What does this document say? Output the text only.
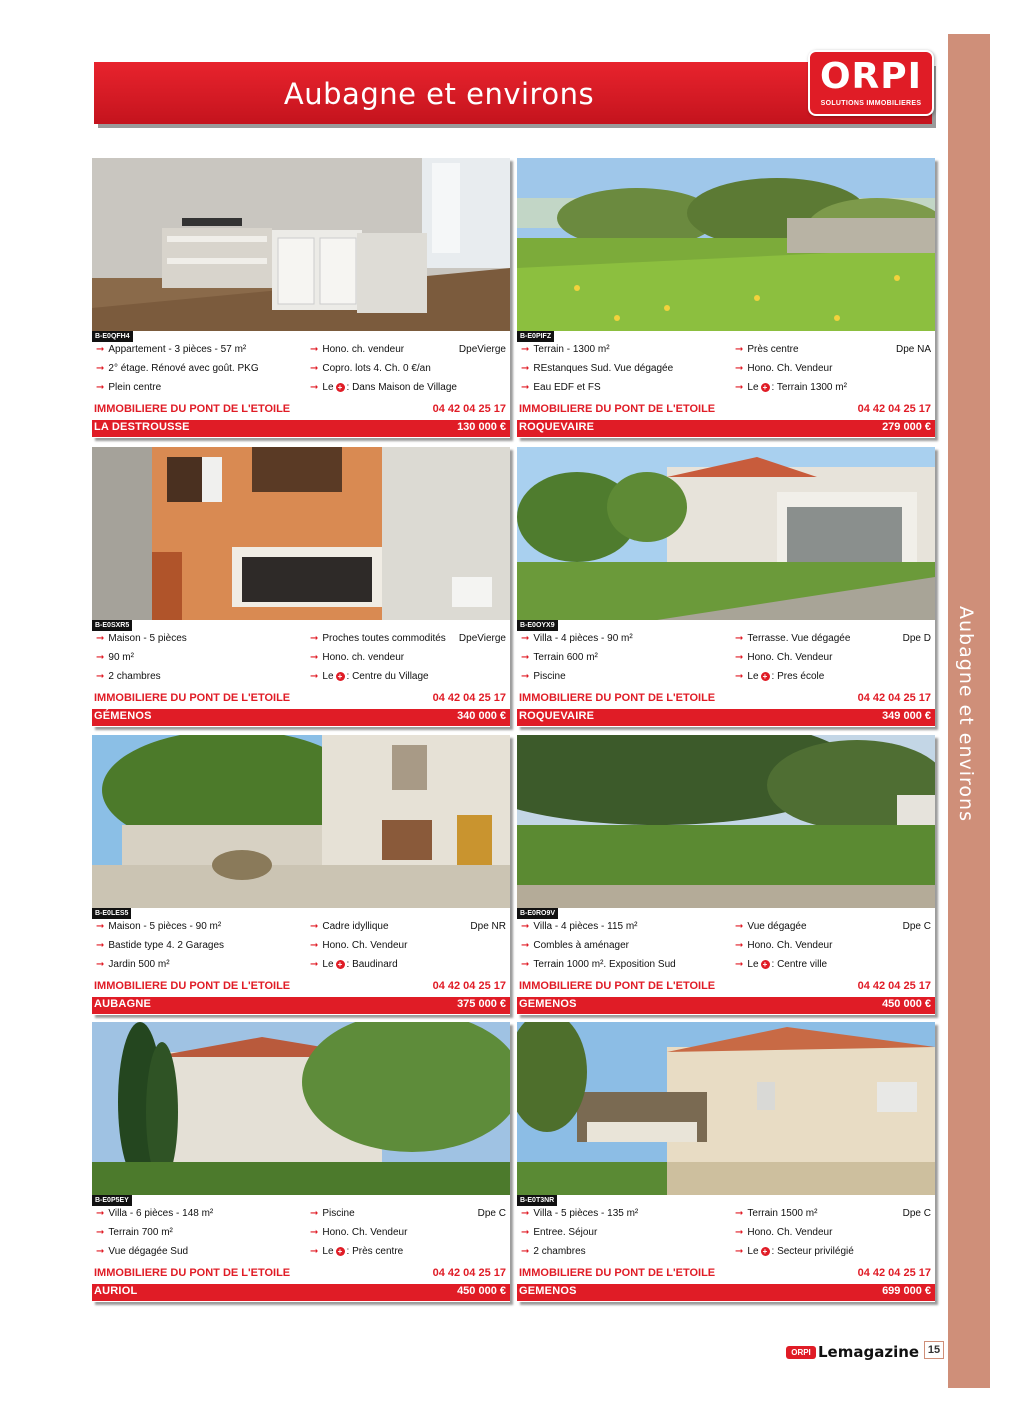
Aubagne et environs
Aubagne et environs	ORPI
SOLUTIONS IMMOBILIERES
B-E0QFH4
➞ Appartement - 3 pièces - 57 m²
➞ 2° étage. Rénové avec goût. PKG
➞ Plein centre
➞ Hono. ch. vendeur
➞ Copro. lots 4. Ch. 0 €/an
➞ Le + : Dans Maison de Village
DpeVierge
IMMOBILIERE DU PONT DE L'ETOILE	04 42 04 25 17
LA DESTROUSSE	130 000 €
B-E0PIFZ
➞ Terrain - 1300 m²
➞ REstanques Sud. Vue dégagée
➞ Eau EDF et FS
➞ Près centre
➞ Hono. Ch. Vendeur
➞ Le + : Terrain 1300 m²
Dpe NA
IMMOBILIERE DU PONT DE L'ETOILE	04 42 04 25 17
ROQUEVAIRE	279 000 €
B-E0SXR5
➞ Maison - 5 pièces
➞ 90 m²
➞ 2 chambres
➞ Proches toutes commodités
➞ Hono. ch. vendeur
➞ Le + : Centre du Village
DpeVierge
IMMOBILIERE DU PONT DE L'ETOILE	04 42 04 25 17
GÉMENOS	340 000 €
B-E0OYX9
➞ Villa - 4 pièces - 90 m²
➞ Terrain 600 m²
➞ Piscine
➞ Terrasse. Vue dégagée
➞ Hono. Ch. Vendeur
➞ Le + : Pres école
Dpe D
IMMOBILIERE DU PONT DE L'ETOILE	04 42 04 25 17
ROQUEVAIRE	349 000 €
B-E0LES5
➞ Maison - 5 pièces - 90 m²
➞ Bastide type 4. 2 Garages
➞ Jardin 500 m²
➞ Cadre idyllique
➞ Hono. Ch. Vendeur
➞ Le + : Baudinard
Dpe NR
IMMOBILIERE DU PONT DE L'ETOILE	04 42 04 25 17
AUBAGNE	375 000 €
B-E0RO9V
➞ Villa - 4 pièces - 115 m²
➞ Combles à aménager
➞ Terrain 1000 m². Exposition Sud
➞ Vue dégagée
➞ Hono. Ch. Vendeur
➞ Le + : Centre ville
Dpe C
IMMOBILIERE DU PONT DE L'ETOILE	04 42 04 25 17
GEMENOS	450 000 €
B-E0P5EY
➞ Villa - 6 pièces - 148 m²
➞ Terrain 700 m²
➞ Vue dégagée Sud
➞ Piscine
➞ Hono. Ch. Vendeur
➞ Le + : Près centre
Dpe C
IMMOBILIERE DU PONT DE L'ETOILE	04 42 04 25 17
AURIOL	450 000 €
B-E0T3NR
➞ Villa - 5 pièces - 135 m²
➞ Entree. Séjour
➞ 2 chambres
➞ Terrain 1500 m²
➞ Hono. Ch. Vendeur
➞ Le + : Secteur privilégié
Dpe C
IMMOBILIERE DU PONT DE L'ETOILE	04 42 04 25 17
GEMENOS	699 000 €
ORPI Lemagazine 15
